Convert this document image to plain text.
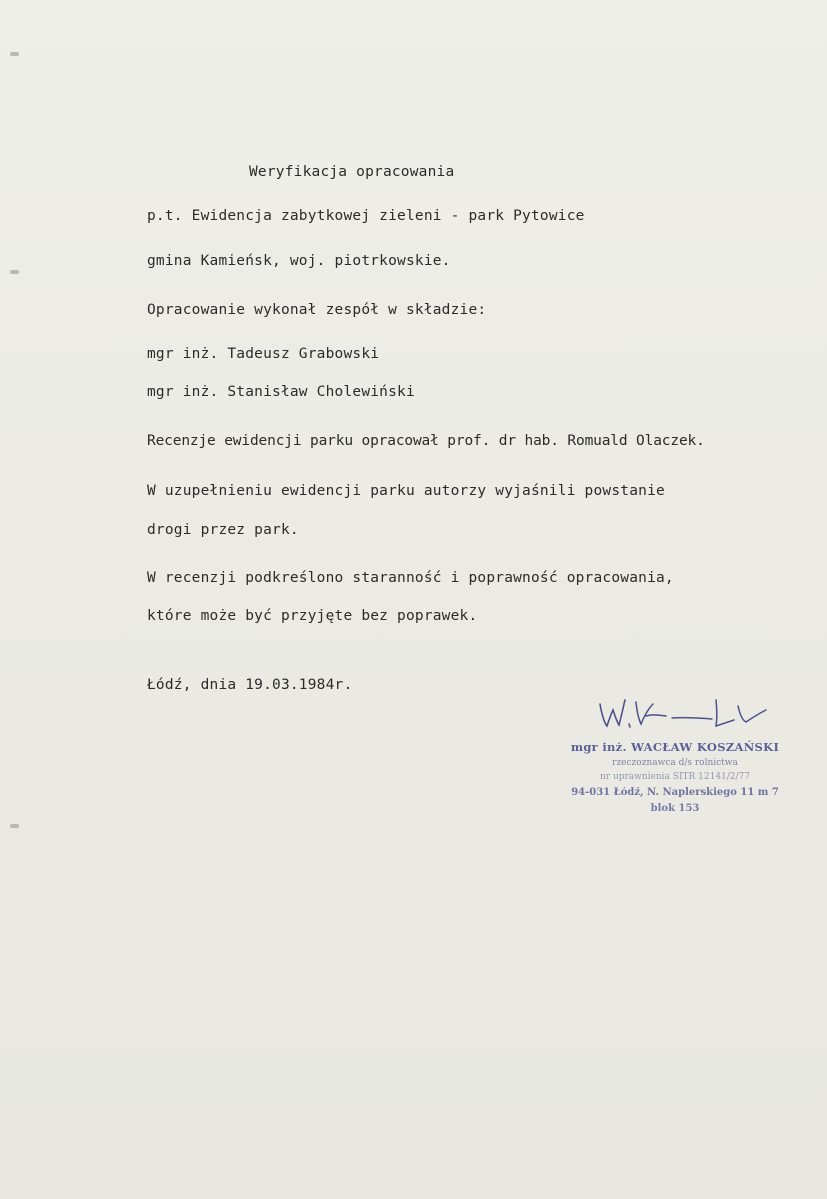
Weryfikacja opracowania
p.t. Ewidencja zabytkowej zieleni - park Pytowice
gmina Kamieńsk, woj. piotrkowskie.
Opracowanie wykonał zespół w składzie:
mgr inż. Tadeusz Grabowski
mgr inż. Stanisław Cholewiński
Recenzje ewidencji parku opracował prof. dr hab. Romuald Olaczek.
W uzupełnieniu ewidencji parku autorzy wyjaśnili powstanie
drogi przez park.
W recenzji podkreślono staranność i poprawność opracowania,
które może być przyjęte bez poprawek.
Łódź, dnia 19.03.1984r.
mgr inż. WACŁAW KOSZAŃSKI
rzeczoznawca d/s rolnictwa
nr uprawnienia SITR 12141/2/77
94-031 Łódź, N. Naplerskiego 11 m 7
blok 153
